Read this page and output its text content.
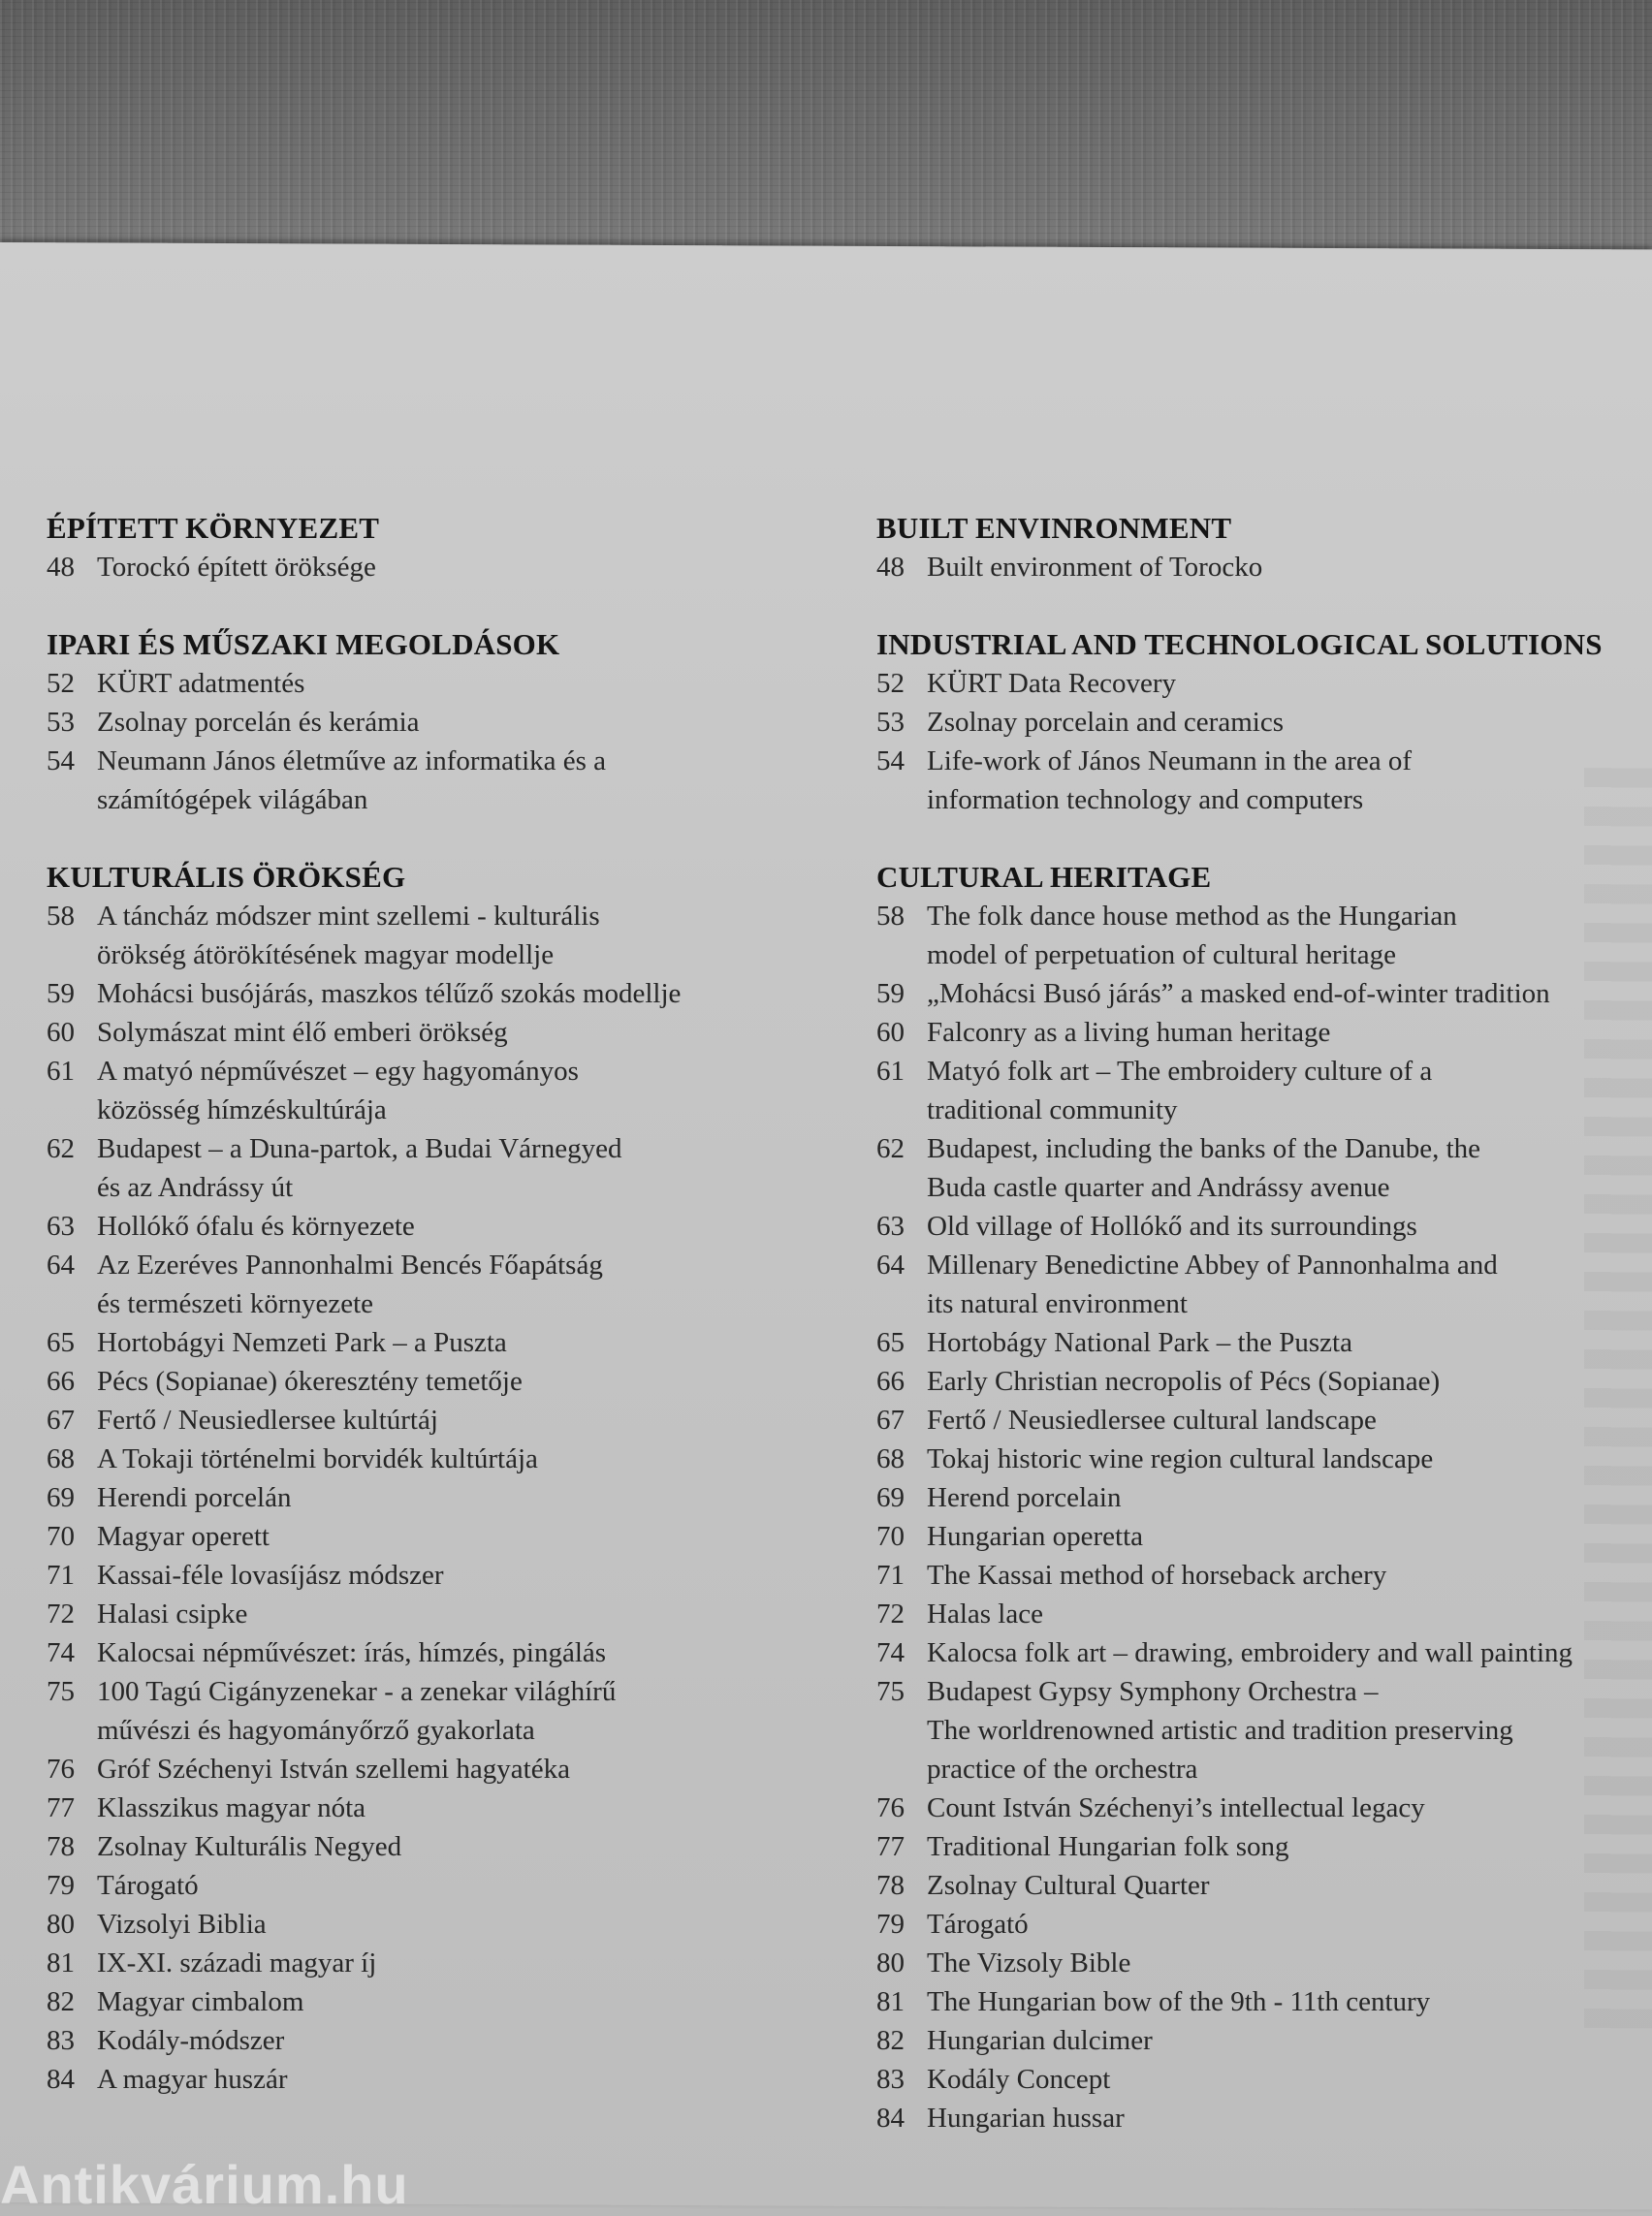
ÉPÍTETT KÖRNYEZET
48 Torockó épített öröksége
IPARI ÉS MŰSZAKI MEGOLDÁSOK
52 KÜRT adatmentés
53 Zsolnay porcelán és kerámia
54 Neumann János életműve az informatika és a
számítógépek világában
KULTURÁLIS ÖRÖKSÉG
58 A táncház módszer mint szellemi - kulturális
örökség átörökítésének magyar modellje
59 Mohácsi busójárás, maszkos télűző szokás modellje
60 Solymászat mint élő emberi örökség
61 A matyó népművészet – egy hagyományos
közösség hímzéskultúrája
62 Budapest – a Duna-partok, a Budai Várnegyed
és az Andrássy út
63 Hollókő ófalu és környezete
64 Az Ezeréves Pannonhalmi Bencés Főapátság
és természeti környezete
65 Hortobágyi Nemzeti Park – a Puszta
66 Pécs (Sopianae) ókeresztény temetője
67 Fertő / Neusiedlersee kultúrtáj
68 A Tokaji történelmi borvidék kultúrtája
69 Herendi porcelán
70 Magyar operett
71 Kassai-féle lovasíjász módszer
72 Halasi csipke
74 Kalocsai népművészet: írás, hímzés, pingálás
75 100 Tagú Cigányzenekar - a zenekar világhírű
művészi és hagyományőrző gyakorlata
76 Gróf Széchenyi István szellemi hagyatéka
77 Klasszikus magyar nóta
78 Zsolnay Kulturális Negyed
79 Tárogató
80 Vizsolyi Biblia
81 IX-XI. századi magyar íj
82 Magyar cimbalom
83 Kodály-módszer
84 A magyar huszár
BUILT ENVINRONMENT
48 Built environment of Torocko
INDUSTRIAL AND TECHNOLOGICAL SOLUTIONS
52 KÜRT Data Recovery
53 Zsolnay porcelain and ceramics
54 Life-work of János Neumann in the area of
information technology and computers
CULTURAL HERITAGE
58 The folk dance house method as the Hungarian
model of perpetuation of cultural heritage
59 „Mohácsi Busó járás” a masked end-of-winter tradition
60 Falconry as a living human heritage
61 Matyó folk art – The embroidery culture of a
traditional community
62 Budapest, including the banks of the Danube, the
Buda castle quarter and Andrássy avenue
63 Old village of Hollókő and its surroundings
64 Millenary Benedictine Abbey of Pannonhalma and
its natural environment
65 Hortobágy National Park – the Puszta
66 Early Christian necropolis of Pécs (Sopianae)
67 Fertő / Neusiedlersee cultural landscape
68 Tokaj historic wine region cultural landscape
69 Herend porcelain
70 Hungarian operetta
71 The Kassai method of horseback archery
72 Halas lace
74 Kalocsa folk art – drawing, embroidery and wall painting
75 Budapest Gypsy Symphony Orchestra –
The worldrenowned artistic and tradition preserving
practice of the orchestra
76 Count István Széchenyi’s intellectual legacy
77 Traditional Hungarian folk song
78 Zsolnay Cultural Quarter
79 Tárogató
80 The Vizsoly Bible
81 The Hungarian bow of the 9th - 11th century
82 Hungarian dulcimer
83 Kodály Concept
84 Hungarian hussar
Antikvárium.hu
